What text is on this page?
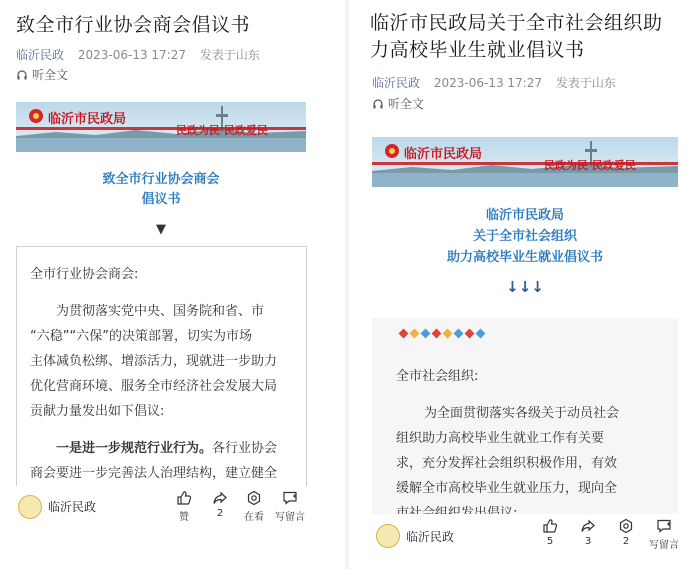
致全市行业协会商会倡议书
临沂民政 2023-06-13 17:27 发表于山东
听全文
临沂市民政局
民政为民 民政爱民
致全市行业协会商会
倡议书
▼

全市行业协会商会:

为贯彻落实党中央、国务院和省、市

“六稳”“六保”的决策部署，切实为市场

主体减负松绑、增添活力，现就进一步助力

优化营商环境、服务全市经济社会发展大局

贡献力量发出如下倡议:

一是进一步规范行业行为。各行业协会

商会要进一步完善法人治理结构，建立健全

临沂民政
赞	2	在看	写留言
临沂市民政局关于全市社会组织助
力高校毕业生就业倡议书
临沂民政 2023-06-13 17:27 发表于山东
听全文
临沂市民政局
民政为民 民政爱民
临沂市民政局
关于全市社会组织
助力高校毕业生就业倡议书
↓↓↓

全市社会组织:

为全面贯彻落实各级关于动员社会

组织助力高校毕业生就业工作有关要

求，充分发挥社会组织积极作用，有效

缓解全市高校毕业生就业压力，现向全

临沂民政	5	3	2	写留言
